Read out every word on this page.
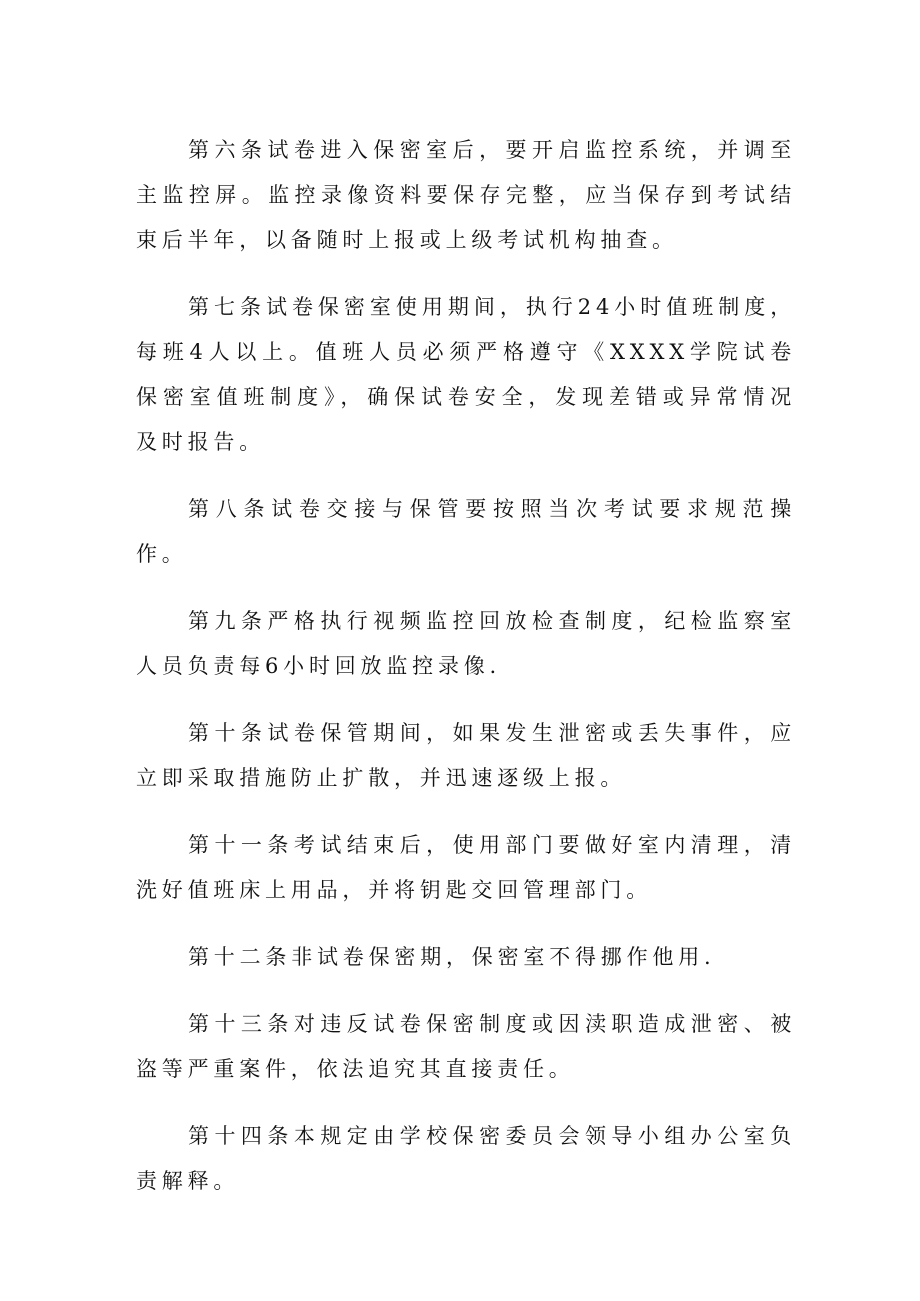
第六条试卷进入保密室后，要开启监控系统，并调至主监控屏。监控录像资料要保存完整，应当保存到考试结束后半年，以备随时上报或上级考试机构抽查。

第七条试卷保密室使用期间，执行24小时值班制度，每班4人以上。值班人员必须严格遵守《XXXX学院试卷保密室值班制度》，确保试卷安全，发现差错或异常情况及时报告。

第八条试卷交接与保管要按照当次考试要求规范操作。

第九条严格执行视频监控回放检查制度，纪检监察室人员负责每6小时回放监控录像.

第十条试卷保管期间，如果发生泄密或丢失事件，应立即采取措施防止扩散，并迅速逐级上报。

第十一条考试结束后，使用部门要做好室内清理，清洗好值班床上用品，并将钥匙交回管理部门。

第十二条非试卷保密期，保密室不得挪作他用.

第十三条对违反试卷保密制度或因渎职造成泄密、被盗等严重案件，依法追究其直接责任。

第十四条本规定由学校保密委员会领导小组办公室负责解释。
